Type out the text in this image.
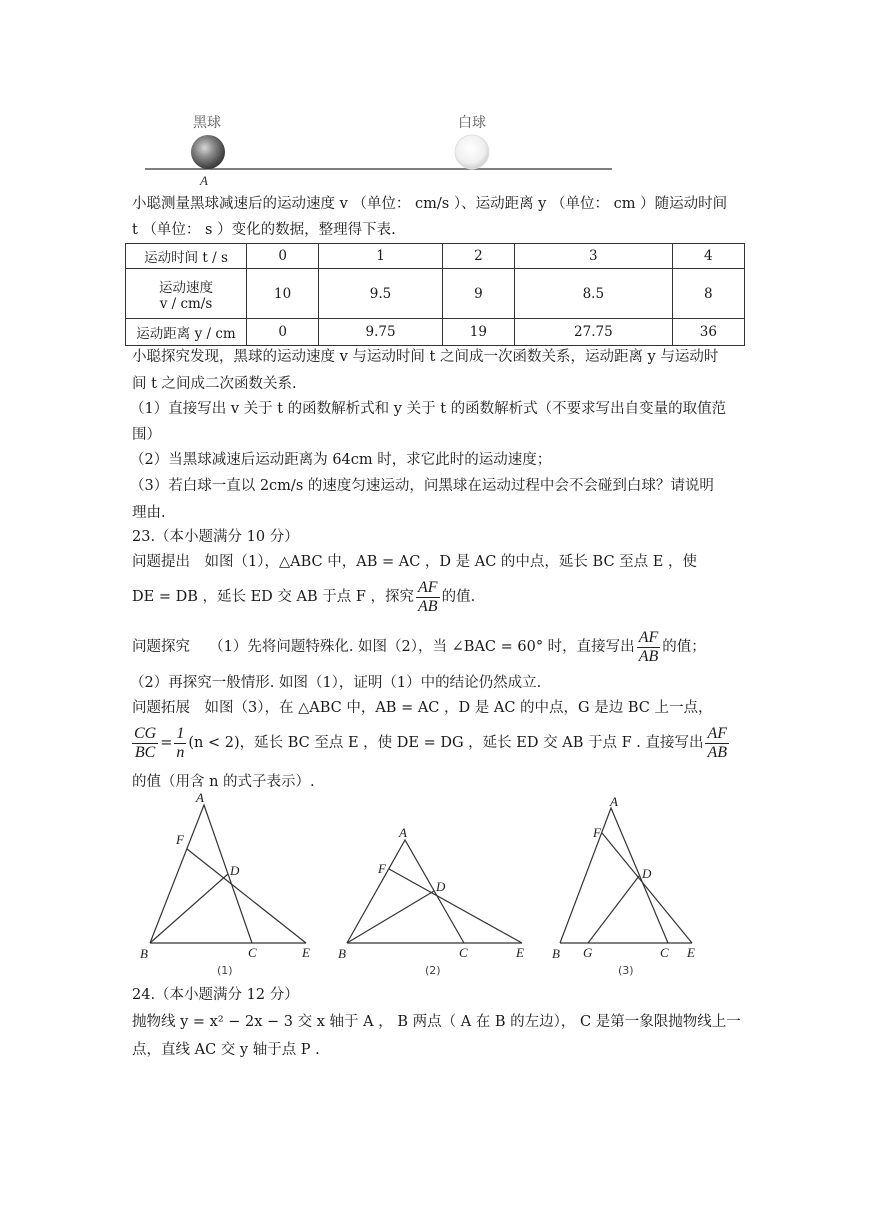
黑球	白球
A
小聪测量黑球减速后的运动速度 v （单位： cm/s ）、运动距离 y （单位： cm ）随运动时间
t （单位： s ）变化的数据，整理得下表.
运动时间 t / s	0	1	2	3	4

运动速度
v / cm/s	10	9.5	9	8.5	8
运动距离 y / cm	0	9.75	19	27.75	36
小聪探究发现，黑球的运动速度 v 与运动时间 t 之间成一次函数关系，运动距离 y 与运动时
间 t 之间成二次函数关系.
（1）直接写出 v 关于 t 的函数解析式和 y 关于 t 的函数解析式（不要求写出自变量的取值范
围）
（2）当黑球减速后运动距离为 64cm 时，求它此时的运动速度；
（3）若白球一直以 2cm/s 的速度匀速运动，问黑球在运动过程中会不会碰到白球？请说明
理由.
23.（本小题满分 10 分）
问题提出　如图（1），△ABC 中，AB = AC ，D 是 AC 的中点，延长 BC 至点 E ，使
DE = DB ，延长 ED 交 AB 于点 F ，探究 $\frac{AF}{AB}$ 的值.
问题探究　 （1）先将问题特殊化. 如图（2），当 ∠BAC = 60° 时，直接写出 $\frac{AF}{AB}$ 的值；
（2）再探究一般情形. 如图（1），证明（1）中的结论仍然成立.
问题拓展　如图（3），在 △ABC 中，AB = AC ，D 是 AC 的中点，G 是边 BC 上一点，
$\frac{CG}{BC} = \frac{1}{n} (n < 2)$，延长 BC 至点 E ，使 DE = DG ，延长 ED 交 AB 于点 F . 直接写出 $\frac{AF}{AB}$
的值（用含 n 的式子表示）.
A
F
D
B	C	E
(1)
A
F
D
B	C	E
(2)
A
F
D
B G	C E
(3)
24.（本小题满分 12 分）
抛物线 y = x² − 2x − 3 交 x 轴于 A ， B 两点（ A 在 B 的左边）， C 是第一象限抛物线上一
点，直线 AC 交 y 轴于点 P .
